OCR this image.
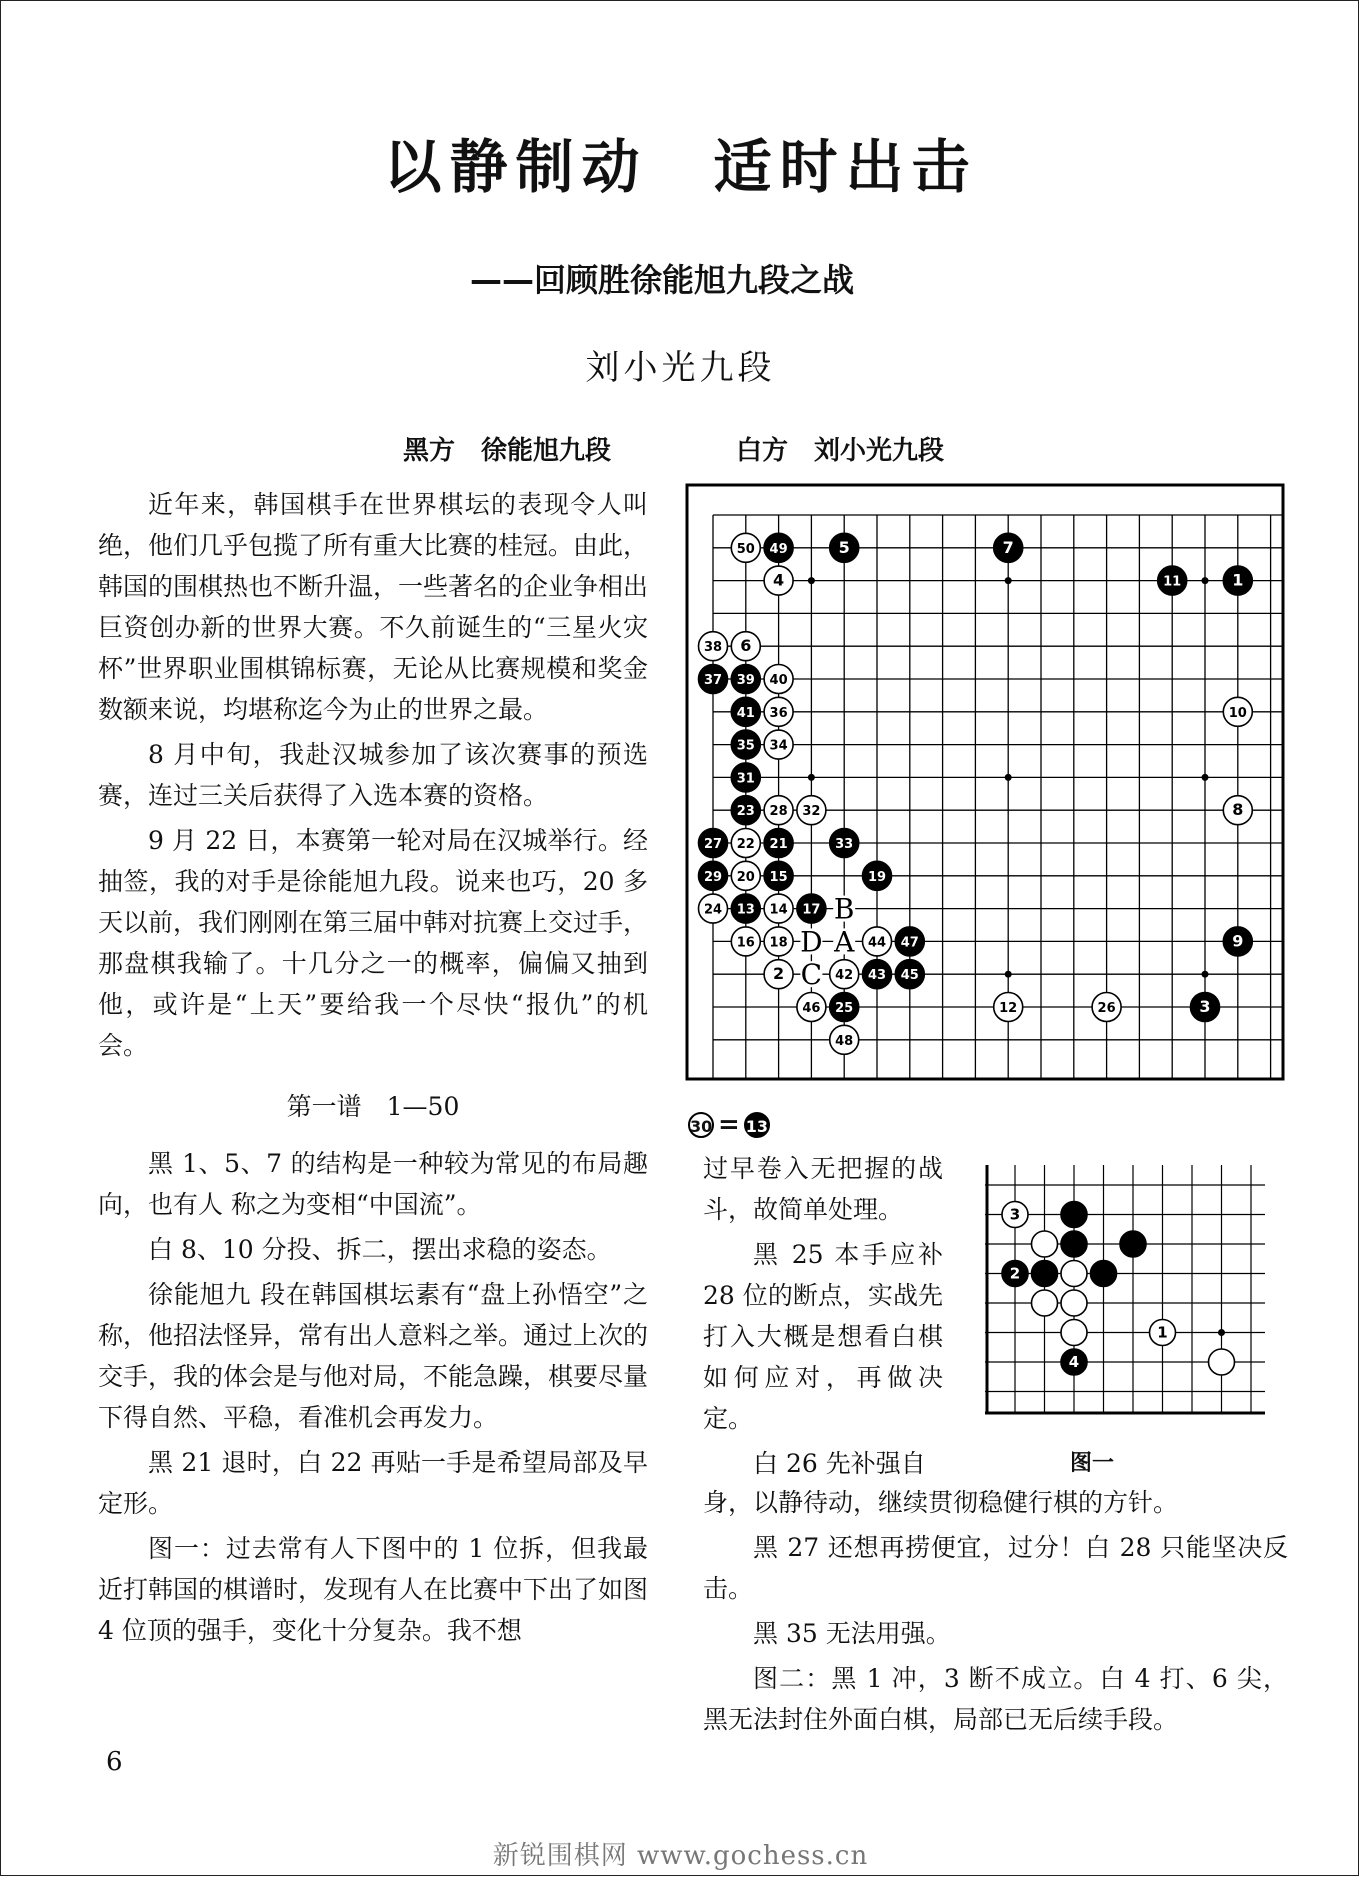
以静制动　适时出击
——回顾胜徐能旭九段之战
刘小光九段
黑方　徐能旭九段	白方　刘小光九段

近年来，韩国棋手在世界棋坛的表现令人叫绝，他们几乎包揽了所有重大比赛的桂冠。由此，韩国的围棋热也不断升温，一些著名的企业争相出巨资创办新的世界大赛。不久前诞生的“三星火灾杯”世界职业围棋锦标赛，无论从比赛规模和奖金数额来说，均堪称迄今为止的世界之最。

8 月中旬，我赴汉城参加了该次赛事的预选赛，连过三关后获得了入选本赛的资格。

9 月 22 日，本赛第一轮对局在汉城举行。经抽签，我的对手是徐能旭九段。说来也巧，20 多天以前，我们刚刚在第三届中韩对抗赛上交过手，那盘棋我输了。十几分之一的概率，偏偏又抽到他，或许是“上天”要给我一个尽快“报仇”的机会。

第一谱　1—50

黑 1、5、7 的结构是一种较为常见的布局趣向，也有人 称之为变相“中国流”。

白 8、10 分投、拆二，摆出求稳的姿态。

徐能旭九 段在韩国棋坛素有“盘上孙悟空”之称，他招法怪异，常有出人意料之举。通过上次的交手，我的体会是与他对局，不能急躁，棋要尽量下得自然、平稳，看准机会再发力。

黑 21 退时，白 22 再贴一手是希望局部及早定形。

图一：过去常有人下图中的 1 位拆，但我最近打韩国的棋谱时，发现有人在比赛中下出了如图 4 位顶的强手，变化十分复杂。我不想

50 49	5	7
4	11	1
38 6
37 39 40
41 36	10
35 34
31
23 28 32	8
27 22 21	33
29 20 15	19
24 13 14 17
16 18	44 47	9
2	42 43 45
46 25	12	26	3
48
B
D A
C
30 = 13

过早卷入无把握的战斗，故简单处理。

黑 25 本手应补 28 位的断点，实战先打入大概是想看白棋如何应对，再做决定。

白 26 先补强自

3
2
1
4
图一

身，以静待动，继续贯彻稳健行棋的方针。

黑 27 还想再捞便宜，过分！白 28 只能坚决反击。

黑 35 无法用强。

图二：黑 1 冲，3 断不成立。白 4 打、6 尖，黑无法封住外面白棋，局部已无后续手段。

6
新锐围棋网 www.gochess.cn
